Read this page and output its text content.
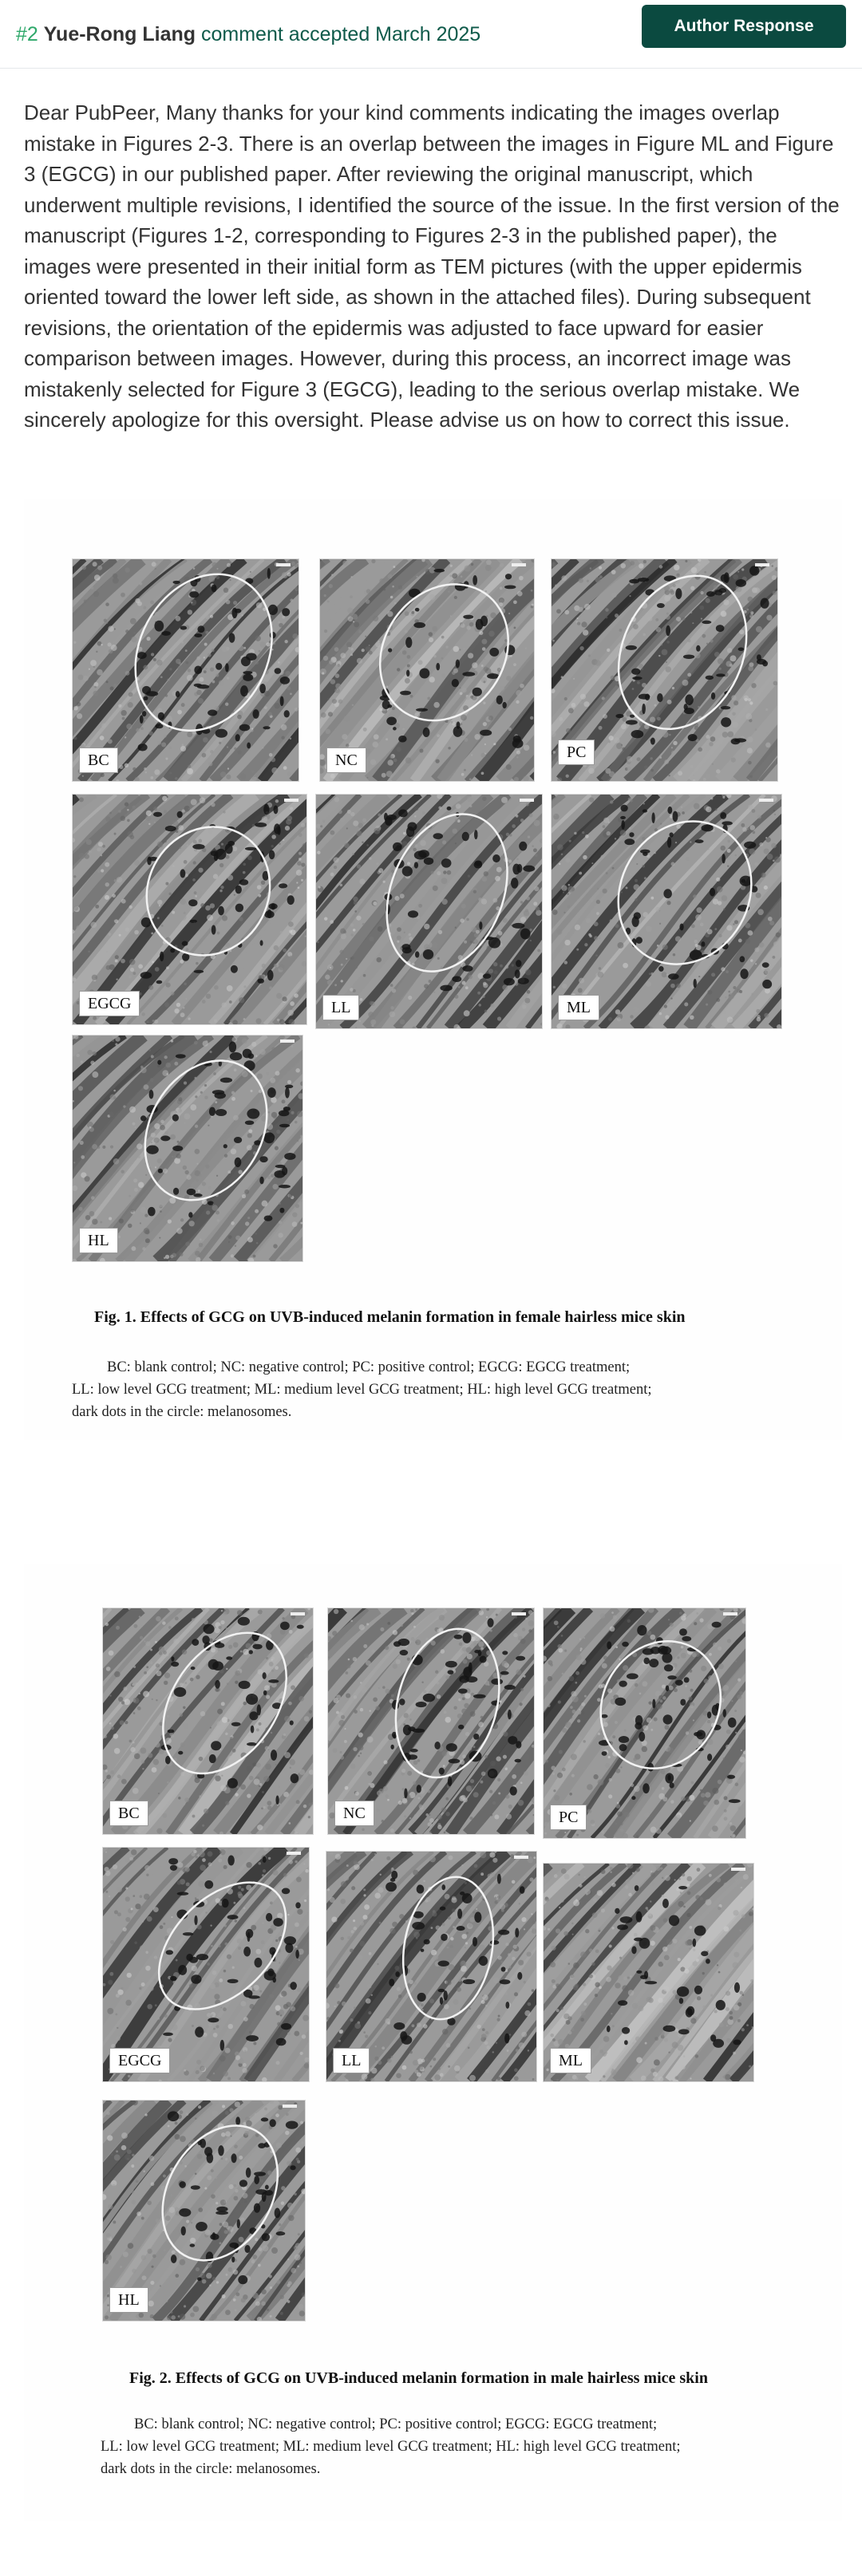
#2 Yue-Rong Liang comment accepted March 2025	Author Response

Dear PubPeer, Many thanks for your kind comments indicating the images overlap mistake in Figures 2-3. There is an overlap between the images in Figure ML and Figure 3 (EGCG) in our published paper. After reviewing the original manuscript, which underwent multiple revisions, I identified the source of the issue. In the first version of the manuscript (Figures 1-2, corresponding to Figures 2-3 in the published paper), the images were presented in their initial form as TEM pictures (with the upper epidermis oriented toward the lower left side, as shown in the attached files). During subsequent revisions, the orientation of the epidermis was adjusted to face upward for easier comparison between images. However, during this process, an incorrect image was mistakenly selected for Figure 3 (EGCG), leading to the serious overlap mistake. We sincerely apologize for this oversight. Please advise us on how to correct this issue.

BC	NC	PC
EGCG	LL	ML
HL
Fig. 1. Effects of GCG on UVB-induced melanin formation in female hairless mice skin
BC: blank control; NC: negative control; PC: positive control; EGCG: EGCG treatment;
LL: low level GCG treatment; ML: medium level GCG treatment; HL: high level GCG treatment;
dark dots in the circle: melanosomes.
BC	NC	PC
EGCG	LL	ML
HL
Fig. 2. Effects of GCG on UVB-induced melanin formation in male hairless mice skin
BC: blank control; NC: negative control; PC: positive control; EGCG: EGCG treatment;
LL: low level GCG treatment; ML: medium level GCG treatment; HL: high level GCG treatment;
dark dots in the circle: melanosomes.
